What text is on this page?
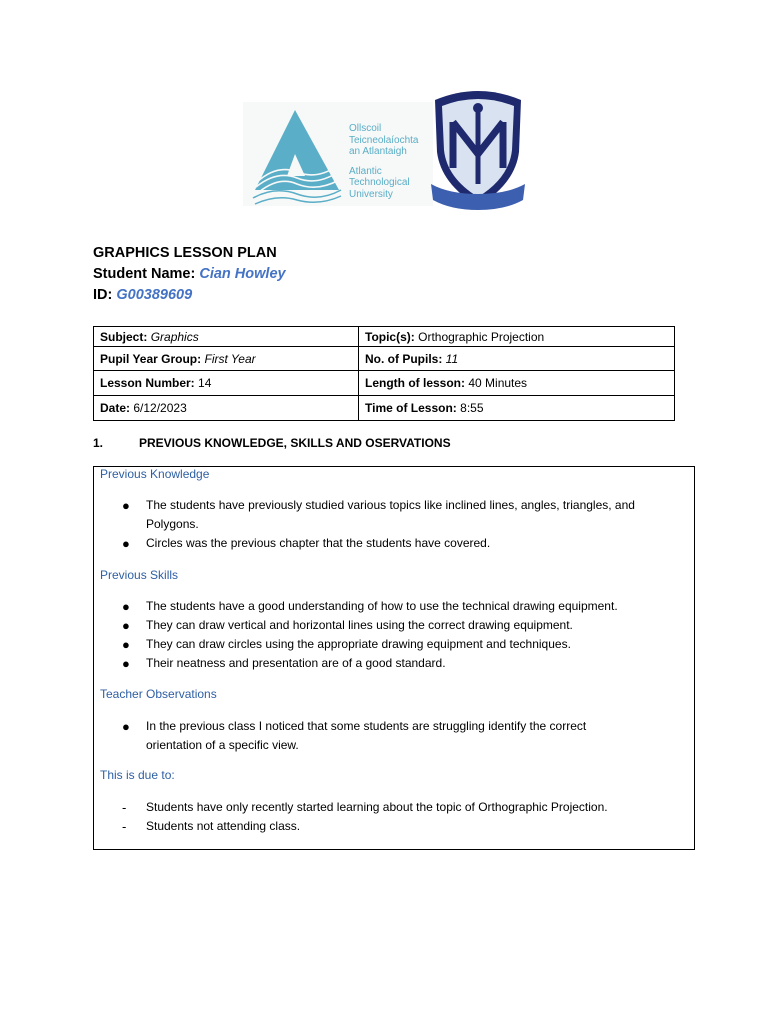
Ollscoil
Teicneolaíochta
an Atlantaigh
Atlantic
Technological
University
GRAPHICS LESSON PLAN
Student Name: Cian Howley
ID: G00389609
Subject: Graphics	Topic(s): Orthographic Projection
Pupil Year Group: First Year	No. of Pupils: 11
Lesson Number: 14	Length of lesson: 40 Minutes
Date: 6/12/2023	Time of Lesson: 8:55
1.	PREVIOUS KNOWLEDGE, SKILLS AND OSERVATIONS
Previous Knowledge
● The students have previously studied various topics like inclined lines, angles, triangles, and
Polygons.
● Circles was the previous chapter that the students have covered.
Previous Skills
● The students have a good understanding of how to use the technical drawing equipment.
● They can draw vertical and horizontal lines using the correct drawing equipment.
● They can draw circles using the appropriate drawing equipment and techniques.
● Their neatness and presentation are of a good standard.
Teacher Observations
● In the previous class I noticed that some students are struggling identify the correct
orientation of a specific view.
This is due to:
- Students have only recently started learning about the topic of Orthographic Projection.
- Students not attending class.
